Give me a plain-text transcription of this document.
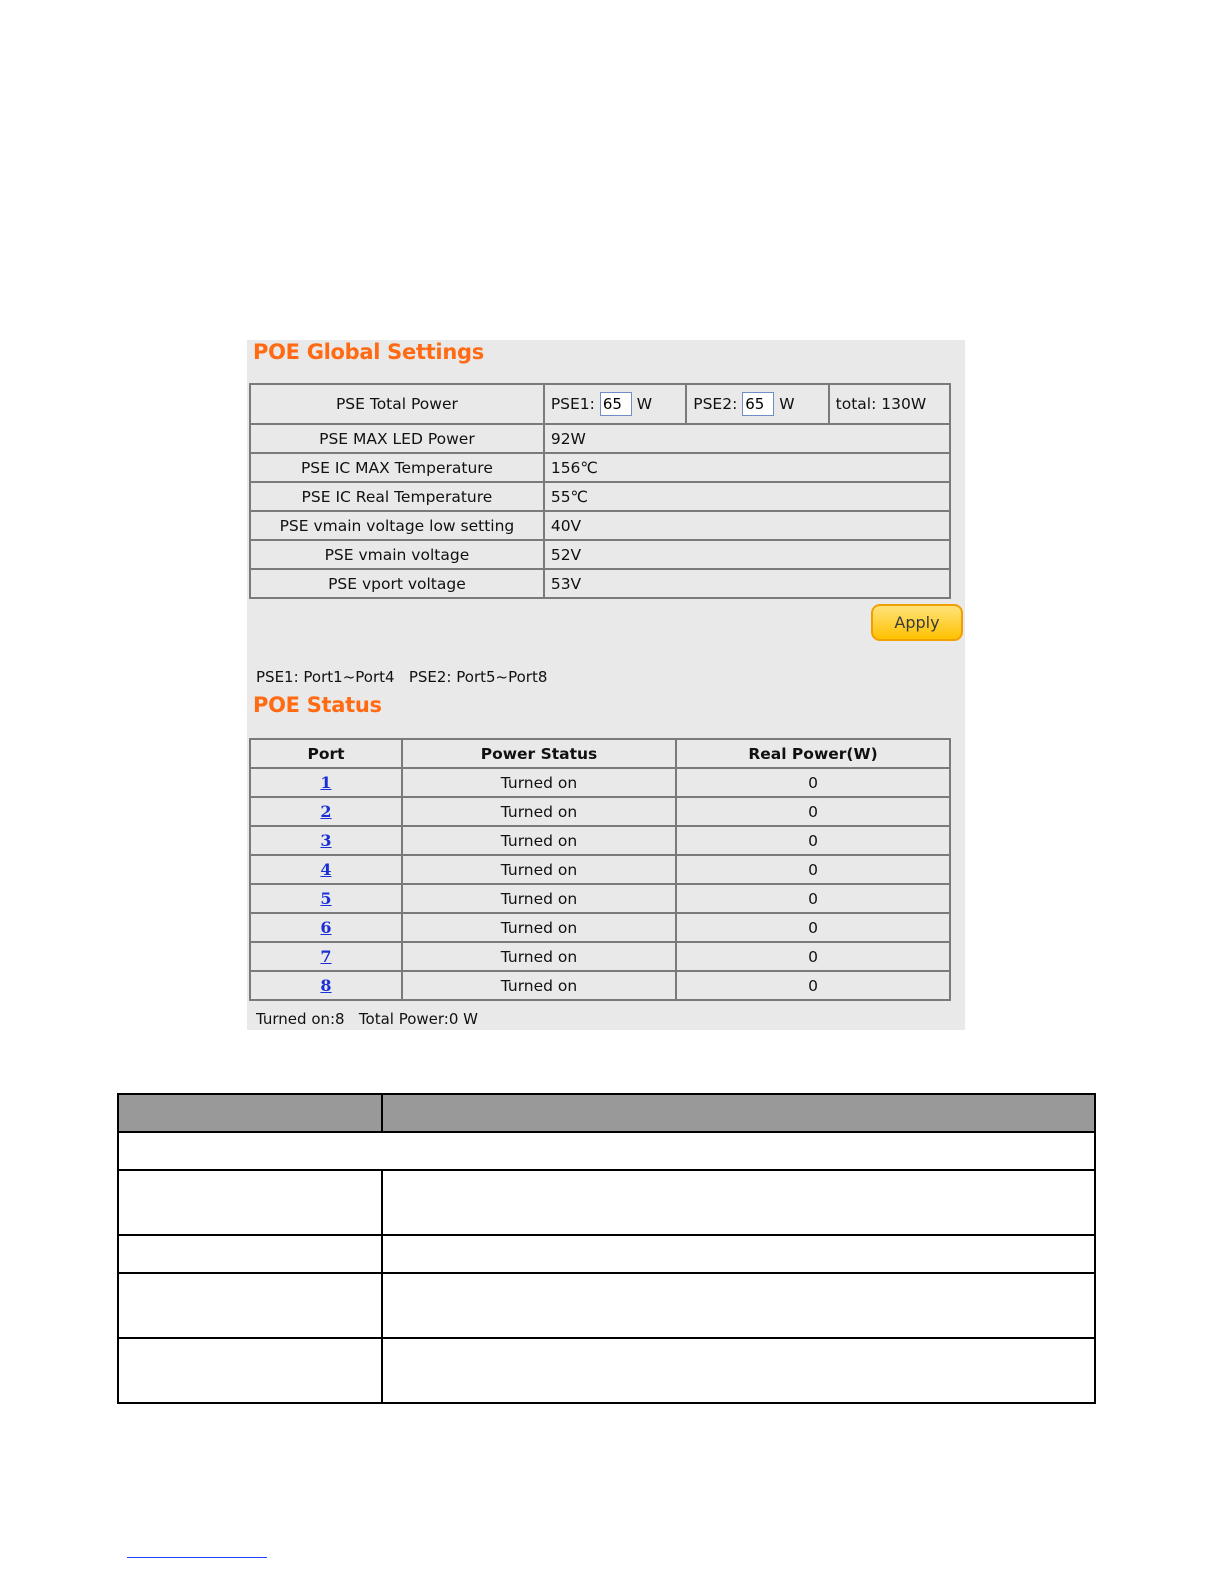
POE Global Settings
PSE Total Power	PSE1: 65 W	PSE2: 65 W	total: 130W
PSE MAX LED Power	92W		
PSE IC MAX Temperature	156℃		
PSE IC Real Temperature	55℃		
PSE vmain voltage low setting	40V		
PSE vmain voltage	52V		
PSE vport voltage	53V		
Apply
PSE1: Port1~Port4   PSE2: Port5~Port8
POE Status
Port	Power Status	Real Power(W)
1	Turned on	0
2	Turned on	0
3	Turned on	0
4	Turned on	0
5	Turned on	0
6	Turned on	0
7	Turned on	0
8	Turned on	0
Turned on:8   Total Power:0 W
